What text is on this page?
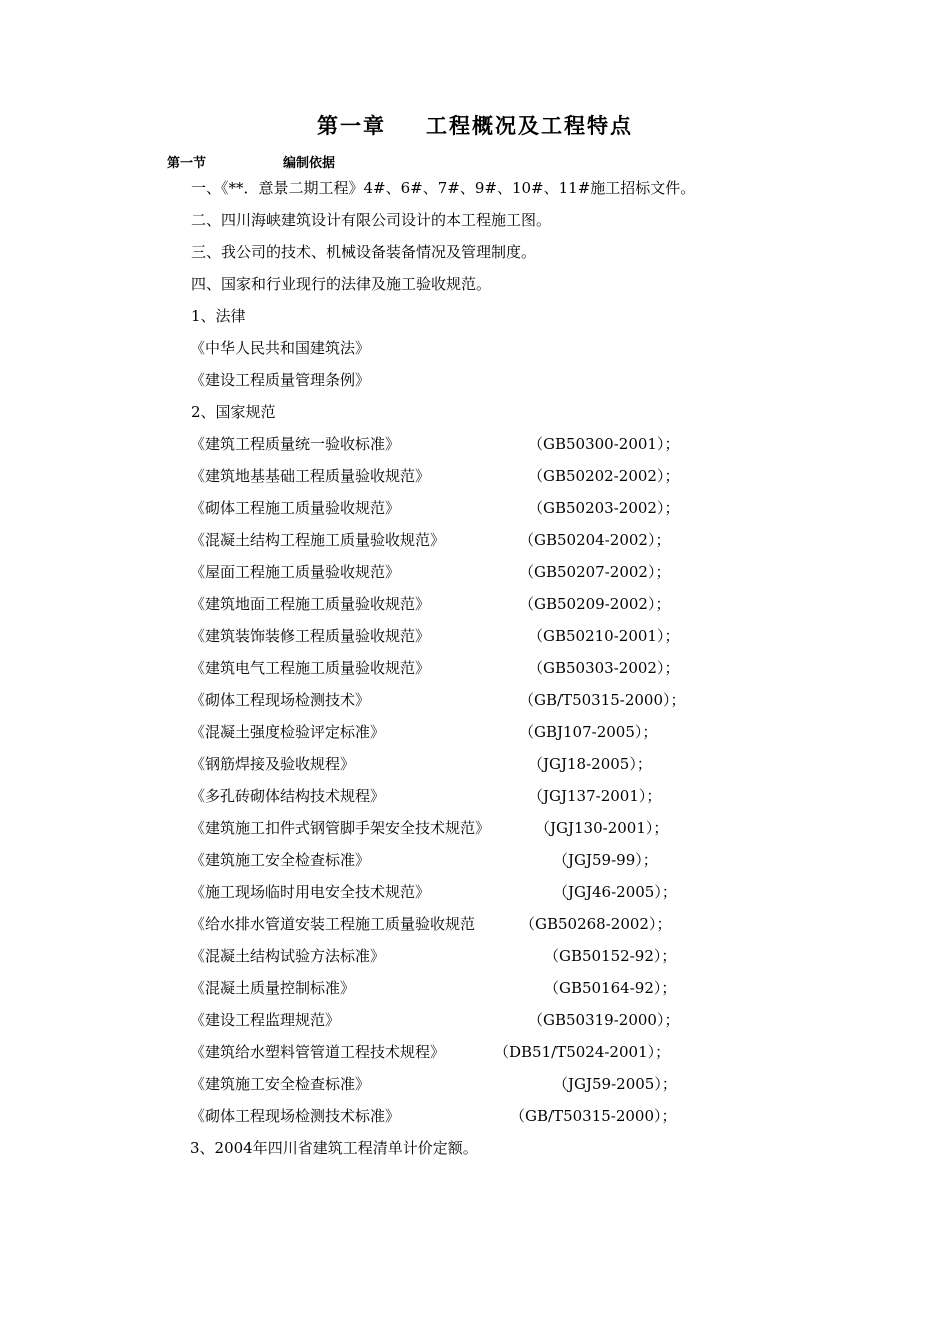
第一章 工程概况及工程特点
第一节	编制依据
一、《**．意景二期工程》4#、6#、7#、9#、10#、11#施工招标文件。
二、四川海峡建筑设计有限公司设计的本工程施工图。
三、我公司的技术、机械设备装备情况及管理制度。
四、国家和行业现行的法律及施工验收规范。
1、法律
《中华人民共和国建筑法》
《建设工程质量管理条例》
2、国家规范
《建筑工程质量统一验收标准》	（GB50300-2001）；
《建筑地基基础工程质量验收规范》	（GB50202-2002）；
《砌体工程施工质量验收规范》	（GB50203-2002）；
《混凝土结构工程施工质量验收规范》	（GB50204-2002）；
《屋面工程施工质量验收规范》	（GB50207-2002）；
《建筑地面工程施工质量验收规范》	（GB50209-2002）；
《建筑装饰装修工程质量验收规范》	（GB50210-2001）；
《建筑电气工程施工质量验收规范》	（GB50303-2002）；
《砌体工程现场检测技术》	（GB/T50315-2000）；
《混凝土强度检验评定标准》	（GBJ107-2005）；
《钢筋焊接及验收规程》	（JGJ18-2005）；
《多孔砖砌体结构技术规程》	（JGJ137-2001）；
《建筑施工扣件式钢管脚手架安全技术规范》	（JGJ130-2001）；
《建筑施工安全检查标准》	（JGJ59-99）；
《施工现场临时用电安全技术规范》	（JGJ46-2005）；
《给水排水管道安装工程施工质量验收规范	（GB50268-2002）；
《混凝土结构试验方法标准》	（GB50152-92）；
《混凝土质量控制标准》	（GB50164-92）；
《建设工程监理规范》	（GB50319-2000）；
《建筑给水塑料管管道工程技术规程》	（DB51/T5024-2001）；
《建筑施工安全检查标准》	（JGJ59-2005）；
《砌体工程现场检测技术标准》	（GB/T50315-2000）；
3、2004年四川省建筑工程清单计价定额。
